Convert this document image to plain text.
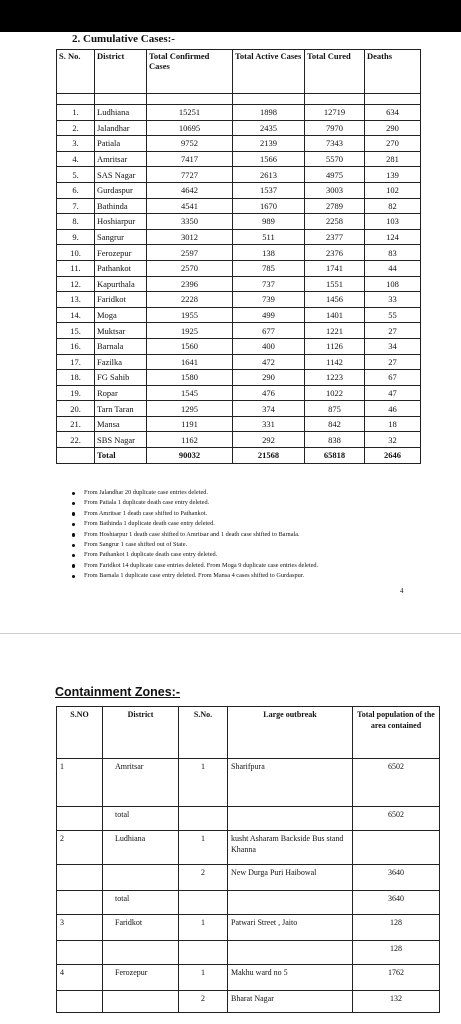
2. Cumulative Cases:-
S. No.	District	Total Confirmed Cases	Total Active Cases	Total Cured	Deaths

1.	Ludhiana	15251	1898	12719	634
2.	Jalandhar	10695	2435	7970	290
3.	Patiala	9752	2139	7343	270
4.	Amritsar	7417	1566	5570	281
5.	SAS Nagar	7727	2613	4975	139
6.	Gurdaspur	4642	1537	3003	102
7.	Bathinda	4541	1670	2789	82
8.	Hoshiarpur	3350	989	2258	103
9.	Sangrur	3012	511	2377	124
10.	Ferozepur	2597	138	2376	83
11.	Pathankot	2570	785	1741	44
12.	Kapurthala	2396	737	1551	108
13.	Faridkot	2228	739	1456	33
14.	Moga	1955	499	1401	55
15.	Muktsar	1925	677	1221	27
16.	Barnala	1560	400	1126	34
17.	Fazilka	1641	472	1142	27
18.	FG Sahib	1580	290	1223	67
19.	Ropar	1545	476	1022	47
20.	Tarn Taran	1295	374	875	46
21.	Mansa	1191	331	842	18
22.	SBS Nagar	1162	292	838	32
	Total	90032	21568	65818	2646
From Jalandhar 20 duplicate case entries deleted.
From Patiala 1 duplicate death case entry deleted.
From Amritsar 1 death case shifted to Pathankot.
From Bathinda 1 duplicate death case entry deleted.
From Hoshiarpur 1 death case shifted to Amritsar and 1 death case shifted to Barnala.
From Sangrur 1 case shifted out of State.
From Pathankot 1 duplicate death case entry deleted.
From Faridkot 14 duplicate case entries deleted. From Moga 9 duplicate case entries deleted.
From Barnala 1 duplicate case entry deleted. From Mansa 4 cases shifted to Gurdaspur.
4
Containment Zones:-
S.NO	District	S.No.	Large outbreak	Total population of the area contained
1	Amritsar	1	Sharifpura	6502
	total			6502
2	Ludhiana	1	kusht Asharam Backside Bus stand Khanna	
		2	New Durga Puri Haibowal	3640
	total			3640
3	Faridkot	1	Patwari Street , Jaito	128
				128
4	Ferozepur	1	Makhu ward no 5	1762
		2	Bharat Nagar	132
